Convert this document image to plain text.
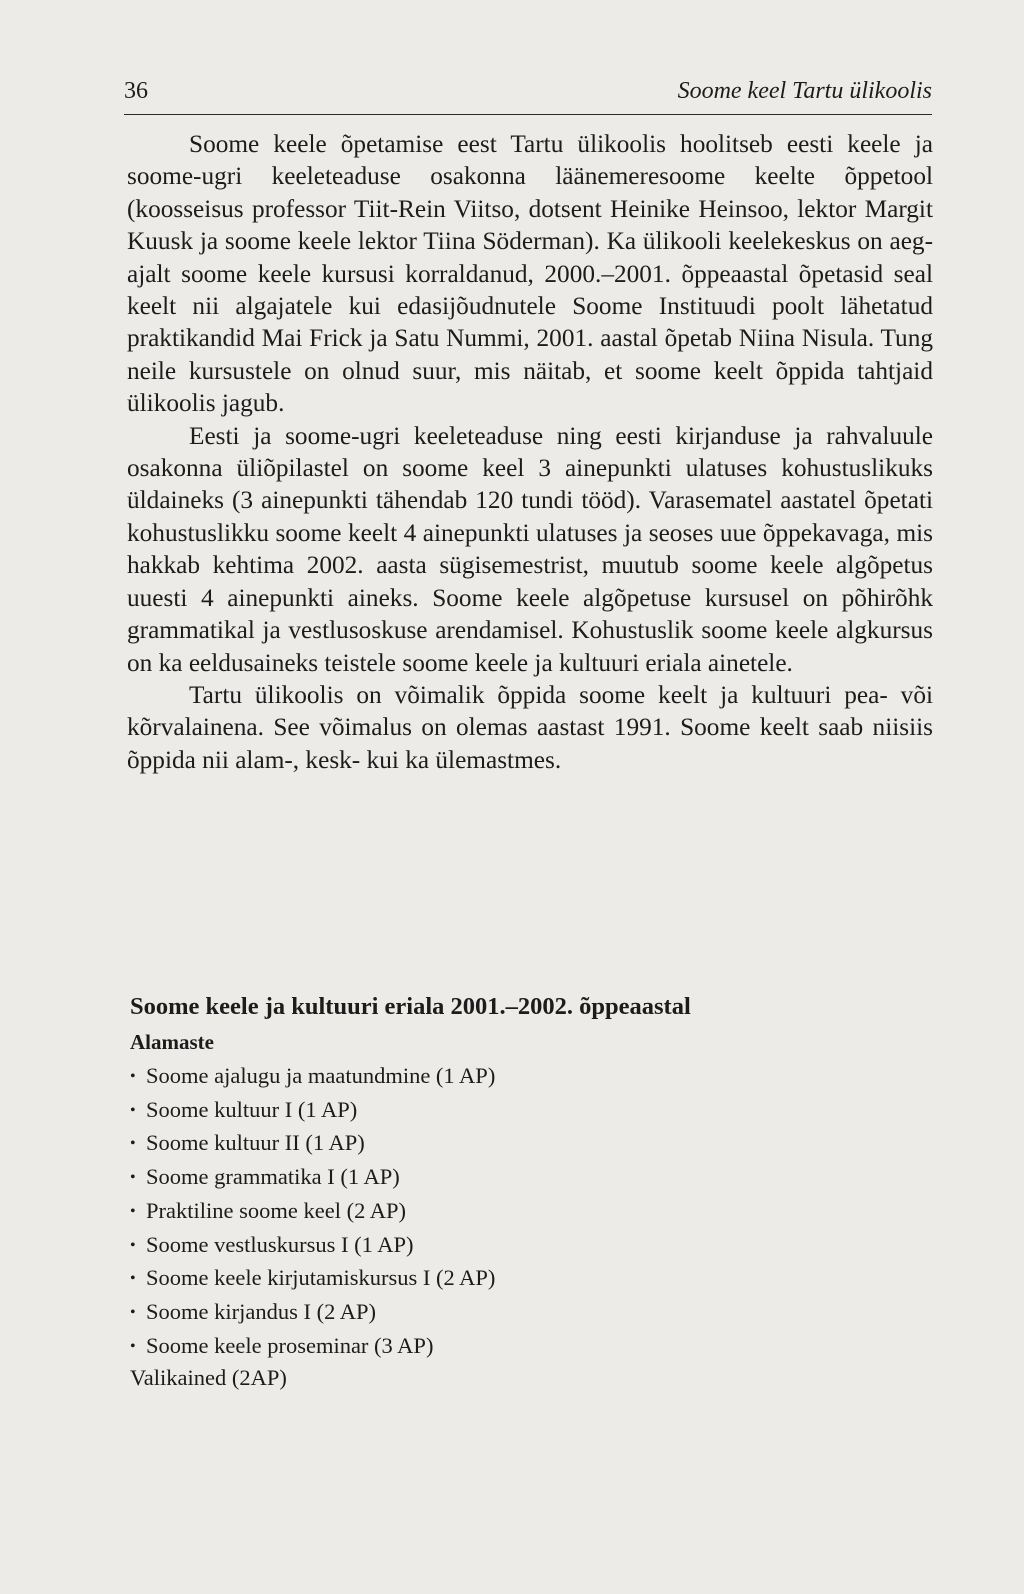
36	Soome keel Tartu ülikoolis

Soome keele õpetamise eest Tartu ülikoolis hoolitseb eesti keele ja soome-ugri keeleteaduse osakonna läänemeresoome keelte õppetool (koosseisus professor Tiit-Rein Viitso, dotsent Heinike Heinsoo, lektor Margit Kuusk ja soome keele lektor Tiina Söderman). Ka ülikooli keelekeskus on aeg-ajalt soome keele kursusi korraldanud, 2000.–2001. õppeaastal õpetasid seal keelt nii algajatele kui edasijõudnutele Soome Instituudi poolt lähetatud praktikandid Mai Frick ja Satu Nummi, 2001. aastal õpetab Niina Nisula. Tung neile kursustele on olnud suur, mis näitab, et soome keelt õppida tahtjaid ülikoolis jagub.

Eesti ja soome-ugri keeleteaduse ning eesti kirjanduse ja rahvaluule osakonna üliõpilastel on soome keel 3 ainepunkti ulatuses kohustuslikuks üldaineks (3 ainepunkti tähendab 120 tundi tööd). Varasematel aastatel õpetati kohustuslikku soome keelt 4 ainepunkti ulatuses ja seoses uue õppekavaga, mis hakkab kehtima 2002. aasta sügisemestrist, muutub soome keele algõpetus uuesti 4 ainepunkti aineks. Soome keele algõpetuse kursusel on põhirõhk grammatikal ja vestlusoskuse arendamisel. Kohustuslik soome keele algkursus on ka eeldusaineks teistele soome keele ja kultuuri eriala ainetele.

Tartu ülikoolis on võimalik õppida soome keelt ja kultuuri pea- või kõrvalainena. See võimalus on olemas aastast 1991. Soome keelt saab niisiis õppida nii alam-, kesk- kui ka ülemastmes.

Soome keele ja kultuuri eriala 2001.–2002. õppeaastal
Alamaste
• Soome ajalugu ja maatundmine (1 AP)
• Soome kultuur I (1 AP)
• Soome kultuur II (1 AP)
• Soome grammatika I (1 AP)
• Praktiline soome keel (2 AP)
• Soome vestluskursus I (1 AP)
• Soome keele kirjutamiskursus I (2 AP)
• Soome kirjandus I (2 AP)
• Soome keele proseminar (3 AP)
Valikained (2AP)
